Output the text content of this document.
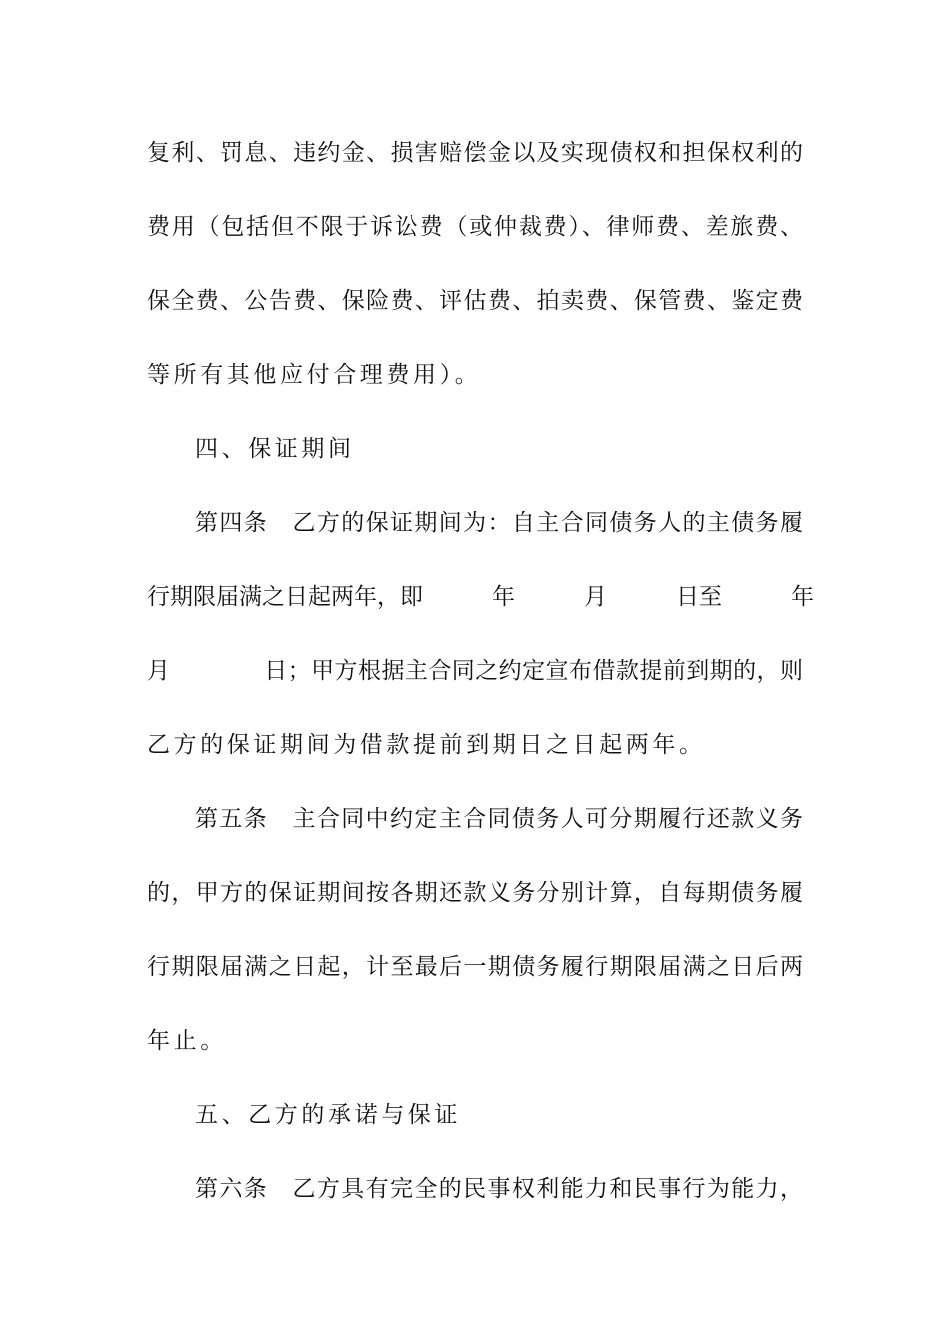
复利、罚息、违约金、损害赔偿金以及实现债权和担保权利的
费用（包括但不限于诉讼费（或仲裁费）、律师费、差旅费、
保全费、公告费、保险费、评估费、拍卖费、保管费、鉴定费
等所有其他应付合理费用）。
四、保证期间
第四条　乙方的保证期间为：自主合同债务人的主债务履
行期限届满之日起两年，即　　　年　　　月　　　日至　　　年
月　　　　日；甲方根据主合同之约定宣布借款提前到期的，则
乙方的保证期间为借款提前到期日之日起两年。
第五条　主合同中约定主合同债务人可分期履行还款义务
的，甲方的保证期间按各期还款义务分别计算，自每期债务履
行期限届满之日起，计至最后一期债务履行期限届满之日后两
年止。
五、乙方的承诺与保证
第六条　乙方具有完全的民事权利能力和民事行为能力，
